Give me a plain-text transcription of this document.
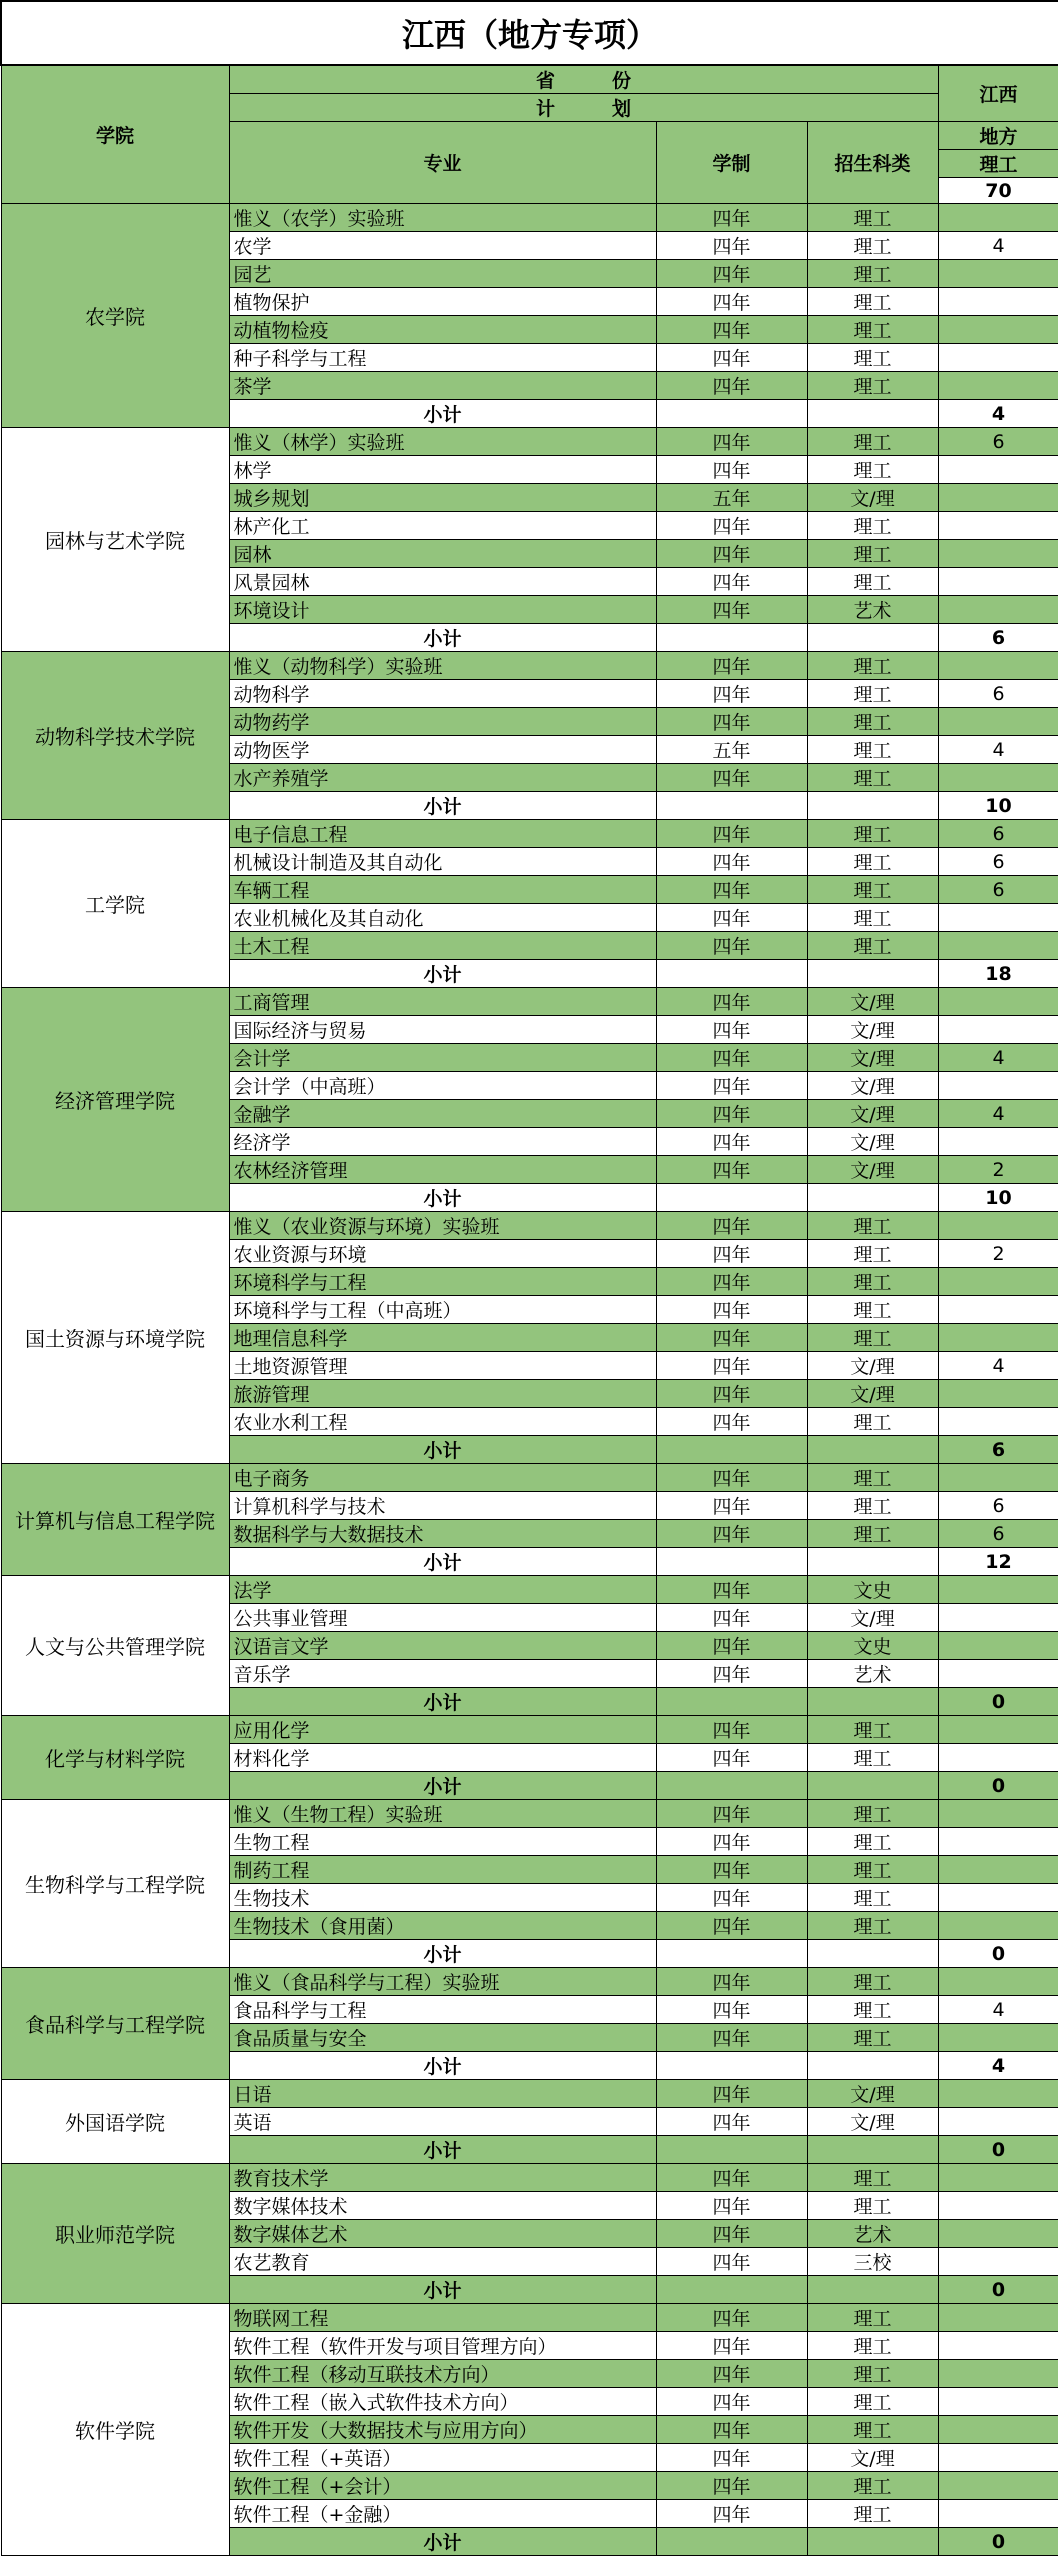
江西（地方专项）				
学院	省　　　份			江西
	计　　　划			
	专业	学制	招生科类	地方
				理工
				70
农学院	惟义（农学）实验班	四年	理工	
	农学	四年	理工	4
	园艺	四年	理工	
	植物保护	四年	理工	
	动植物检疫	四年	理工	
	种子科学与工程	四年	理工	
	茶学	四年	理工	
	小计			4
园林与艺术学院	惟义（林学）实验班	四年	理工	6
	林学	四年	理工	
	城乡规划	五年	文/理	
	林产化工	四年	理工	
	园林	四年	理工	
	风景园林	四年	理工	
	环境设计	四年	艺术	
	小计			6
动物科学技术学院	惟义（动物科学）实验班	四年	理工	
	动物科学	四年	理工	6
	动物药学	四年	理工	
	动物医学	五年	理工	4
	水产养殖学	四年	理工	
	小计			10
工学院	电子信息工程	四年	理工	6
	机械设计制造及其自动化	四年	理工	6
	车辆工程	四年	理工	6
	农业机械化及其自动化	四年	理工	
	土木工程	四年	理工	
	小计			18
经济管理学院	工商管理	四年	文/理	
	国际经济与贸易	四年	文/理	
	会计学	四年	文/理	4
	会计学（中高班）	四年	文/理	
	金融学	四年	文/理	4
	经济学	四年	文/理	
	农林经济管理	四年	文/理	2
	小计			10
国土资源与环境学院	惟义（农业资源与环境）实验班	四年	理工	
	农业资源与环境	四年	理工	2
	环境科学与工程	四年	理工	
	环境科学与工程（中高班）	四年	理工	
	地理信息科学	四年	理工	
	土地资源管理	四年	文/理	4
	旅游管理	四年	文/理	
	农业水利工程	四年	理工	
	小计			6
计算机与信息工程学院	电子商务	四年	理工	
	计算机科学与技术	四年	理工	6
	数据科学与大数据技术	四年	理工	6
	小计			12
人文与公共管理学院	法学	四年	文史	
	公共事业管理	四年	文/理	
	汉语言文学	四年	文史	
	音乐学	四年	艺术	
	小计			0
化学与材料学院	应用化学	四年	理工	
	材料化学	四年	理工	
	小计			0
生物科学与工程学院	惟义（生物工程）实验班	四年	理工	
	生物工程	四年	理工	
	制药工程	四年	理工	
	生物技术	四年	理工	
	生物技术（食用菌）	四年	理工	
	小计			0
食品科学与工程学院	惟义（食品科学与工程）实验班	四年	理工	
	食品科学与工程	四年	理工	4
	食品质量与安全	四年	理工	
	小计			4
外国语学院	日语	四年	文/理	
	英语	四年	文/理	
	小计			0
职业师范学院	教育技术学	四年	理工	
	数字媒体技术	四年	理工	
	数字媒体艺术	四年	艺术	
	农艺教育	四年	三校	
	小计			0
软件学院	物联网工程	四年	理工	
	软件工程（软件开发与项目管理方向）	四年	理工	
	软件工程（移动互联技术方向）	四年	理工	
	软件工程（嵌入式软件技术方向）	四年	理工	
	软件开发（大数据技术与应用方向）	四年	理工	
	软件工程（+英语）	四年	文/理	
	软件工程（+会计）	四年	理工	
	软件工程（+金融）	四年	理工	
	小计			0
